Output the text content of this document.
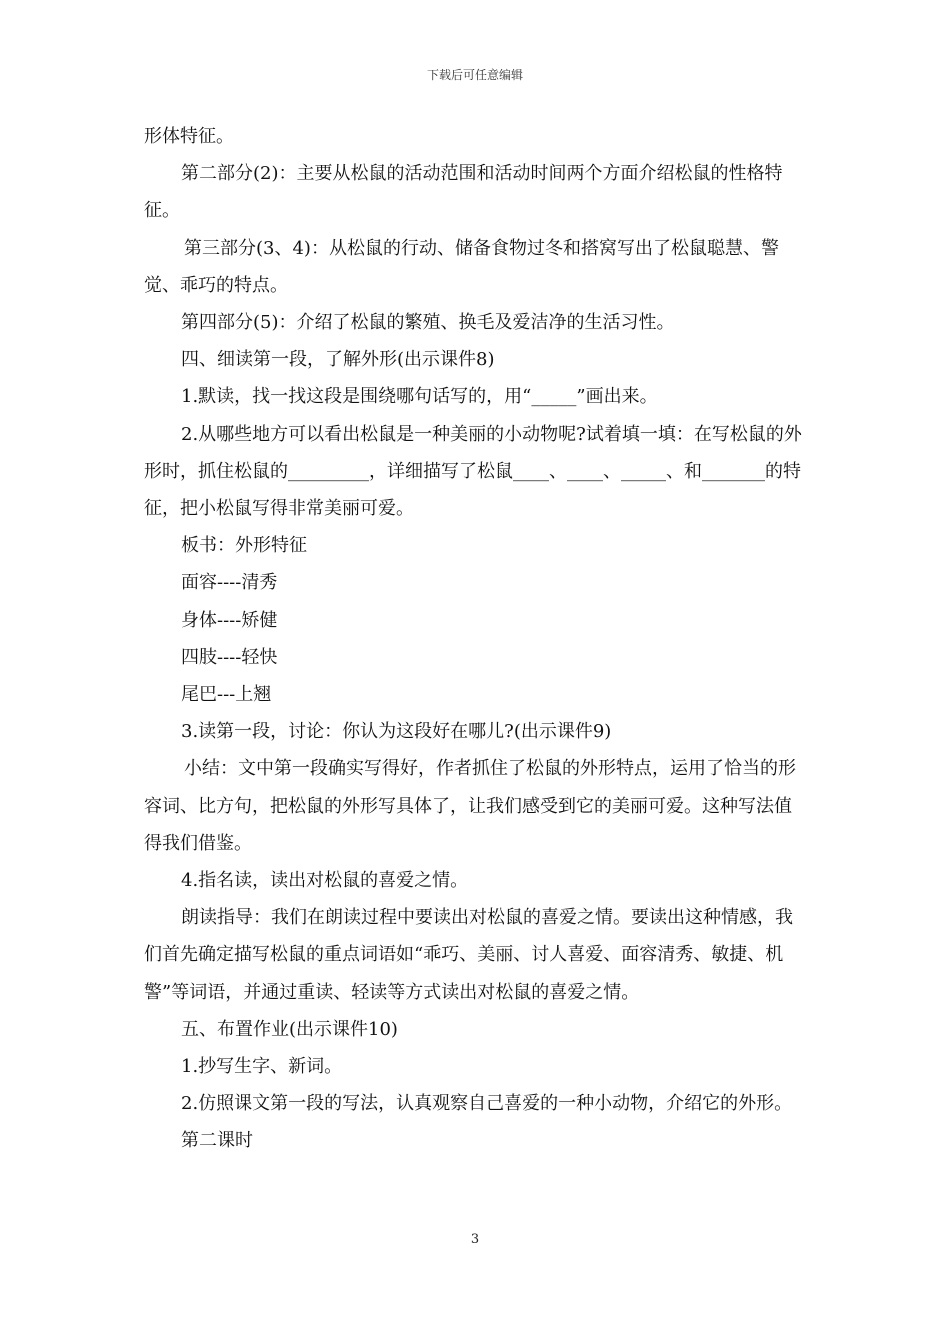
下载后可任意编辑

形体特征。

第二部分(2)：主要从松鼠的活动范围和活动时间两个方面介绍松鼠的性格特征。

第三部分(3、4)：从松鼠的行动、储备食物过冬和搭窝写出了松鼠聪慧、警觉、乖巧的特点。

第四部分(5)：介绍了松鼠的繁殖、换毛及爱洁净的生活习性。

四、细读第一段，了解外形(出示课件8)

1.默读，找一找这段是围绕哪句话写的，用“_____”画出来。

2.从哪些地方可以看出松鼠是一种美丽的小动物呢?试着填一填：在写松鼠的外形时，抓住松鼠的_________，详细描写了松鼠____、____、_____、和_______的特征，把小松鼠写得非常美丽可爱。

板书：外形特征

面容----清秀

身体----矫健

四肢----轻快

尾巴---上翘

3.读第一段，讨论：你认为这段好在哪儿?(出示课件9)

小结：文中第一段确实写得好，作者抓住了松鼠的外形特点，运用了恰当的形容词、比方句，把松鼠的外形写具体了，让我们感受到它的美丽可爱。这种写法值得我们借鉴。

4.指名读，读出对松鼠的喜爱之情。

朗读指导：我们在朗读过程中要读出对松鼠的喜爱之情。要读出这种情感，我们首先确定描写松鼠的重点词语如“乖巧、美丽、讨人喜爱、面容清秀、敏捷、机警”等词语，并通过重读、轻读等方式读出对松鼠的喜爱之情。

五、布置作业(出示课件10)

1.抄写生字、新词。

2.仿照课文第一段的写法，认真观察自己喜爱的一种小动物，介绍它的外形。

第二课时

3
